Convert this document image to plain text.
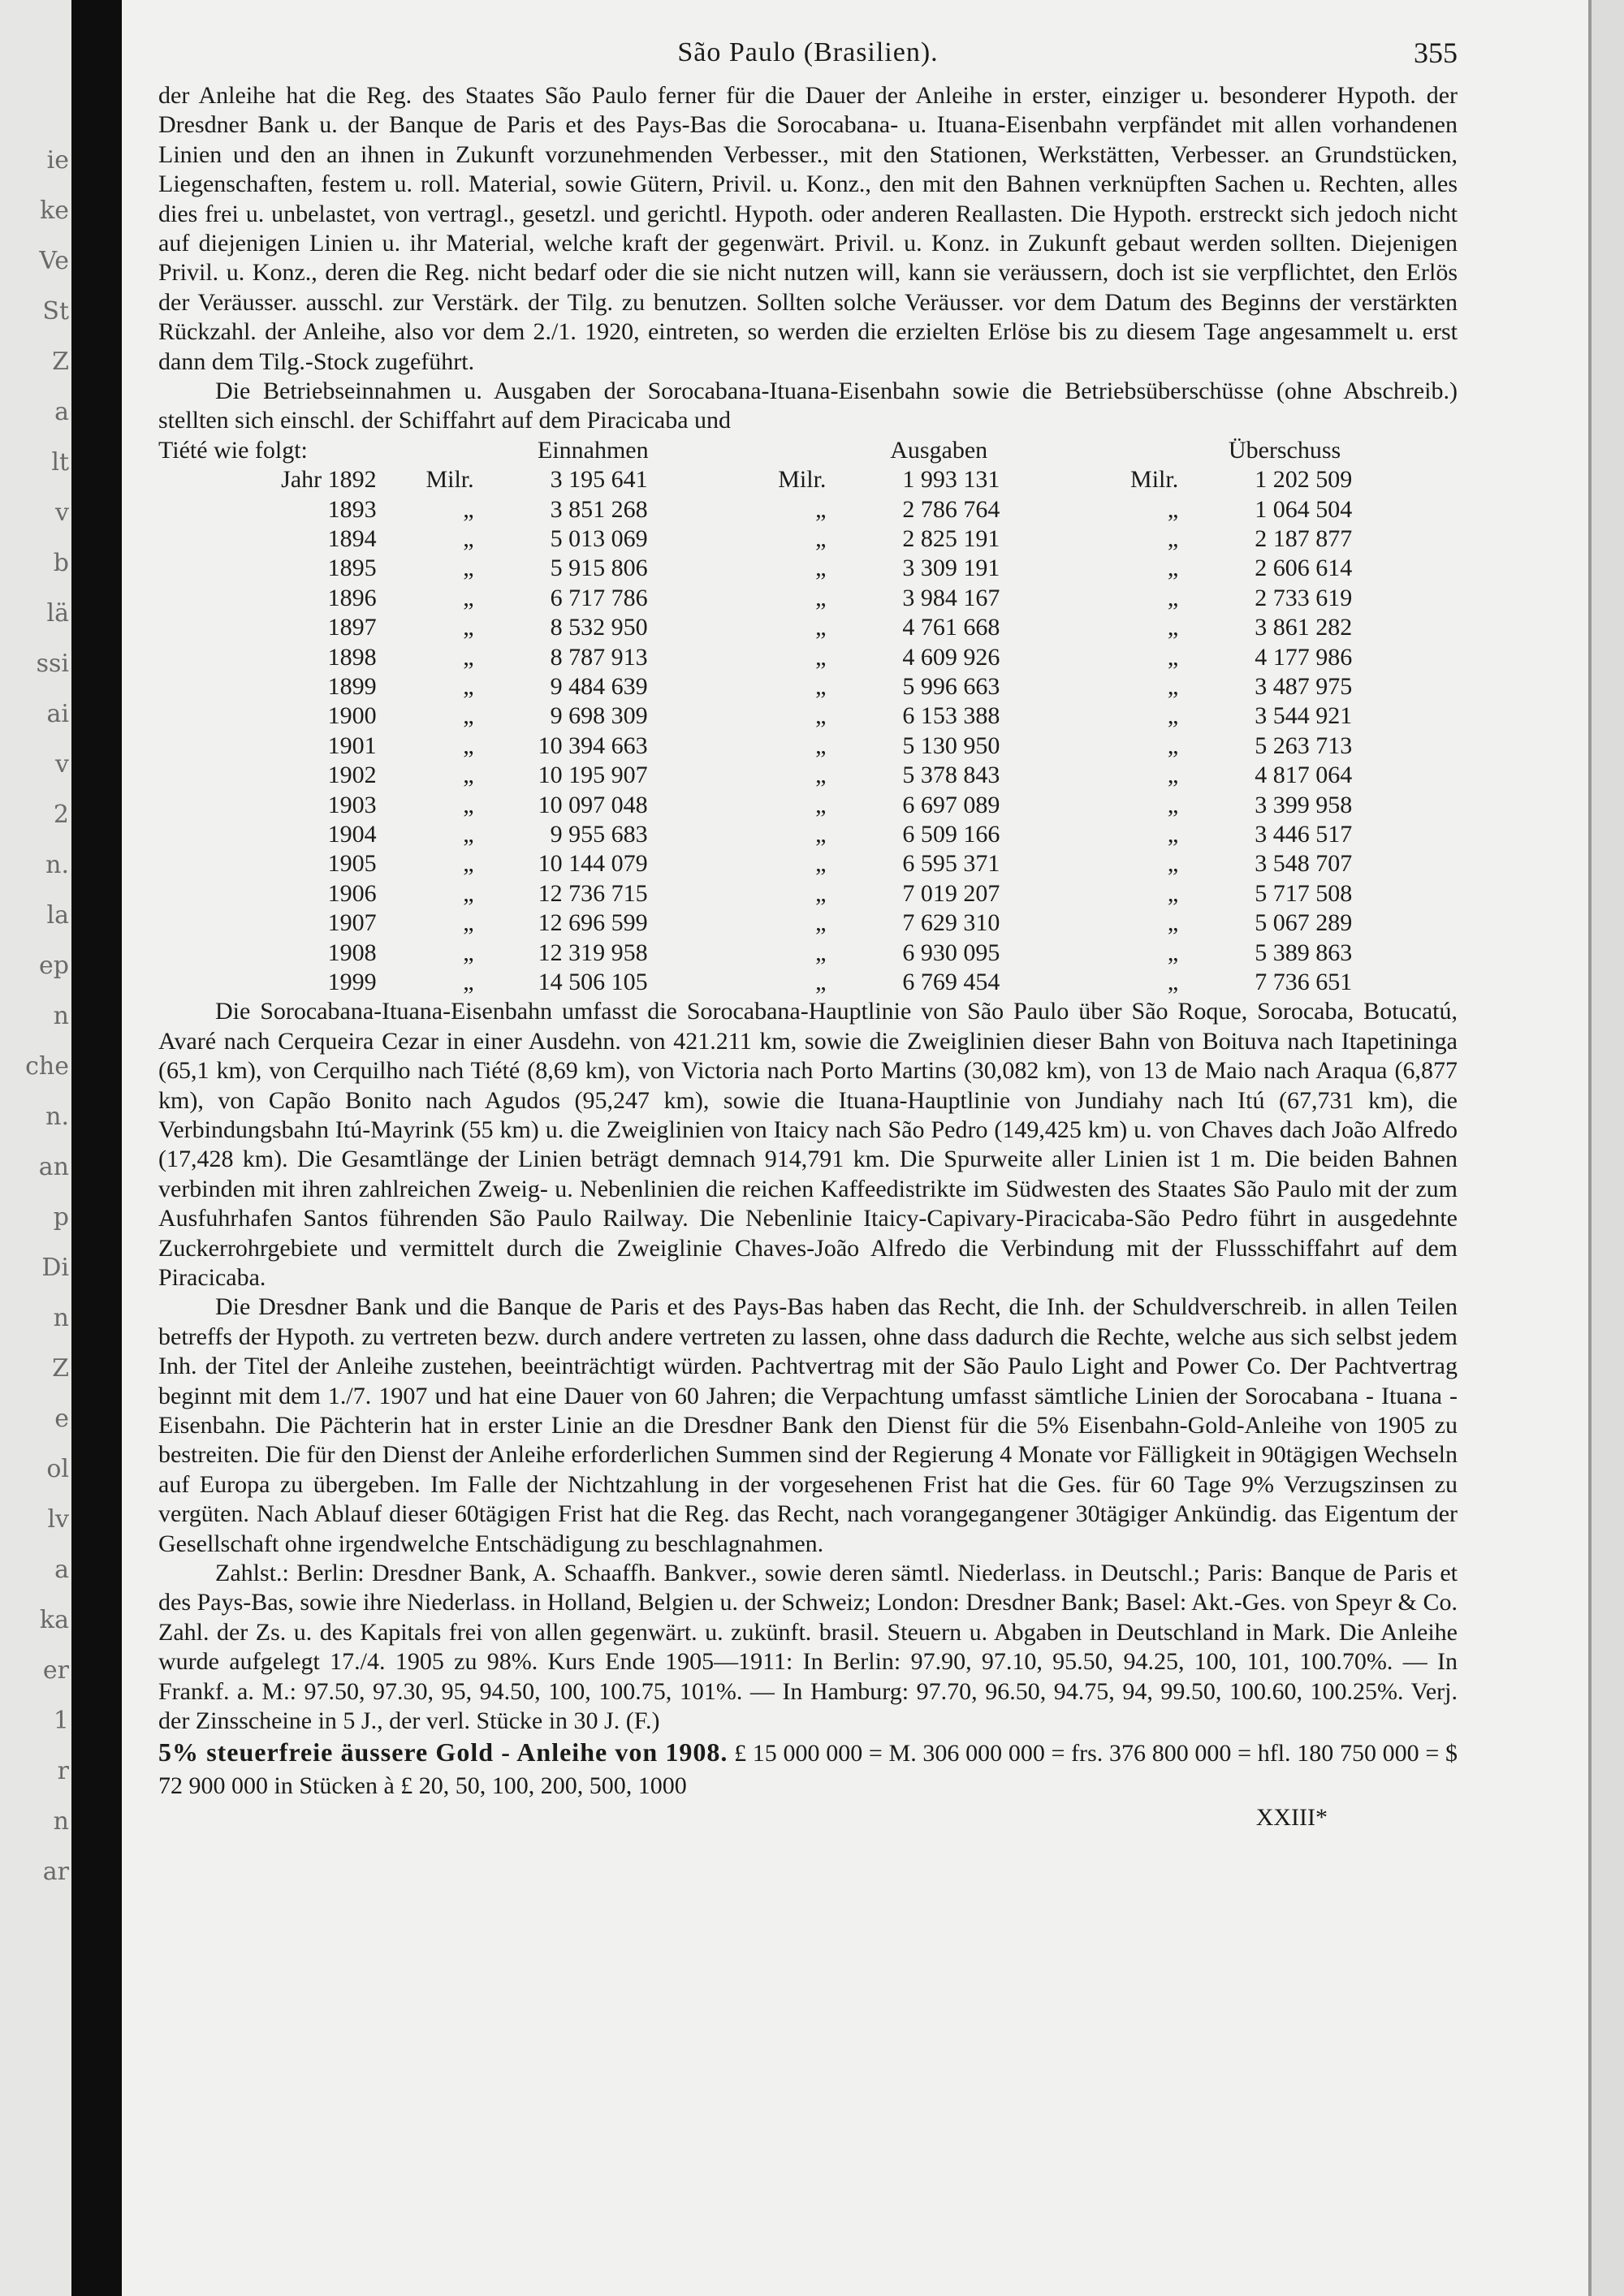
ie
ke
Ve
St
Z
a
lt
v
b
lä
ssi
ai
v
2
n.
la
ep
n
che
n.
an
p
Di
n
Z
e
ol
lv
a
ka
er
1
r
n
ar
São Paulo (Brasilien).	355

der Anleihe hat die Reg. des Staates São Paulo ferner für die Dauer der Anleihe in erster, einziger u. besonderer Hypoth. der Dresdner Bank u. der Banque de Paris et des Pays-Bas die Sorocabana- u. Ituana-Eisenbahn verpfändet mit allen vorhandenen Linien und den an ihnen in Zukunft vorzunehmenden Verbesser., mit den Stationen, Werkstätten, Verbesser. an Grundstücken, Liegenschaften, festem u. roll. Material, sowie Gütern, Privil. u. Konz., den mit den Bahnen verknüpften Sachen u. Rechten, alles dies frei u. unbelastet, von vertragl., gesetzl. und gerichtl. Hypoth. oder anderen Reallasten. Die Hypoth. erstreckt sich jedoch nicht auf diejenigen Linien u. ihr Material, welche kraft der gegenwärt. Privil. u. Konz. in Zukunft gebaut werden sollten. Diejenigen Privil. u. Konz., deren die Reg. nicht bedarf oder die sie nicht nutzen will, kann sie veräussern, doch ist sie verpflichtet, den Erlös der Veräusser. ausschl. zur Verstärk. der Tilg. zu benutzen. Sollten solche Veräusser. vor dem Datum des Beginns der verstärkten Rückzahl. der Anleihe, also vor dem 2./1. 1920, eintreten, so werden die erzielten Erlöse bis zu diesem Tage angesammelt u. erst dann dem Tilg.-Stock zugeführt.

Die Betriebseinnahmen u. Ausgaben der Sorocabana-Ituana-Eisenbahn sowie die Betriebsüberschüsse (ohne Abschreib.) stellten sich einschl. der Schiffahrt auf dem Piracicaba und

Tiété wie folgt:	Einnahmen	Ausgaben	Überschuss
Jahr 1892	Milr.	3 195 641	Milr.	1 993 131	Milr.	1 202 509
1893	„	3 851 268	„	2 786 764	„	1 064 504
1894	„	5 013 069	„	2 825 191	„	2 187 877
1895	„	5 915 806	„	3 309 191	„	2 606 614
1896	„	6 717 786	„	3 984 167	„	2 733 619
1897	„	8 532 950	„	4 761 668	„	3 861 282
1898	„	8 787 913	„	4 609 926	„	4 177 986
1899	„	9 484 639	„	5 996 663	„	3 487 975
1900	„	9 698 309	„	6 153 388	„	3 544 921
1901	„	10 394 663	„	5 130 950	„	5 263 713
1902	„	10 195 907	„	5 378 843	„	4 817 064
1903	„	10 097 048	„	6 697 089	„	3 399 958
1904	„	9 955 683	„	6 509 166	„	3 446 517
1905	„	10 144 079	„	6 595 371	„	3 548 707
1906	„	12 736 715	„	7 019 207	„	5 717 508
1907	„	12 696 599	„	7 629 310	„	5 067 289
1908	„	12 319 958	„	6 930 095	„	5 389 863
1999	„	14 506 105	„	6 769 454	„	7 736 651

Die Sorocabana-Ituana-Eisenbahn umfasst die Sorocabana-Hauptlinie von São Paulo über São Roque, Sorocaba, Botucatú, Avaré nach Cerqueira Cezar in einer Ausdehn. von 421.211 km, sowie die Zweiglinien dieser Bahn von Boituva nach Itapetininga (65,1 km), von Cerquilho nach Tiété (8,69 km), von Victoria nach Porto Martins (30,082 km), von 13 de Maio nach Araqua (6,877 km), von Capão Bonito nach Agudos (95,247 km), sowie die Ituana-Hauptlinie von Jundiahy nach Itú (67,731 km), die Verbindungsbahn Itú-Mayrink (55 km) u. die Zweiglinien von Itaicy nach São Pedro (149,425 km) u. von Chaves dach João Alfredo (17,428 km). Die Gesamtlänge der Linien beträgt demnach 914,791 km. Die Spurweite aller Linien ist 1 m. Die beiden Bahnen verbinden mit ihren zahlreichen Zweig- u. Nebenlinien die reichen Kaffeedistrikte im Südwesten des Staates São Paulo mit der zum Ausfuhrhafen Santos führenden São Paulo Railway. Die Nebenlinie Itaicy-Capivary-Piracicaba-São Pedro führt in ausgedehnte Zuckerrohrgebiete und vermittelt durch die Zweiglinie Chaves-João Alfredo die Verbindung mit der Flussschiffahrt auf dem Piracicaba.

Die Dresdner Bank und die Banque de Paris et des Pays-Bas haben das Recht, die Inh. der Schuldverschreib. in allen Teilen betreffs der Hypoth. zu vertreten bezw. durch andere vertreten zu lassen, ohne dass dadurch die Rechte, welche aus sich selbst jedem Inh. der Titel der Anleihe zustehen, beeinträchtigt würden. Pachtvertrag mit der São Paulo Light and Power Co. Der Pachtvertrag beginnt mit dem 1./7. 1907 und hat eine Dauer von 60 Jahren; die Verpachtung umfasst sämtliche Linien der Sorocabana - Ituana - Eisenbahn. Die Pächterin hat in erster Linie an die Dresdner Bank den Dienst für die 5% Eisenbahn-Gold-Anleihe von 1905 zu bestreiten. Die für den Dienst der Anleihe erforderlichen Summen sind der Regierung 4 Monate vor Fälligkeit in 90tägigen Wechseln auf Europa zu übergeben. Im Falle der Nichtzahlung in der vorgesehenen Frist hat die Ges. für 60 Tage 9% Verzugszinsen zu vergüten. Nach Ablauf dieser 60tägigen Frist hat die Reg. das Recht, nach vorangegangener 30tägiger Ankündig. das Eigentum der Gesellschaft ohne irgendwelche Entschädigung zu beschlagnahmen.

Zahlst.: Berlin: Dresdner Bank, A. Schaaffh. Bankver., sowie deren sämtl. Niederlass. in Deutschl.; Paris: Banque de Paris et des Pays-Bas, sowie ihre Niederlass. in Holland, Belgien u. der Schweiz; London: Dresdner Bank; Basel: Akt.-Ges. von Speyr & Co. Zahl. der Zs. u. des Kapitals frei von allen gegenwärt. u. zukünft. brasil. Steuern u. Abgaben in Deutschland in Mark. Die Anleihe wurde aufgelegt 17./4. 1905 zu 98%. Kurs Ende 1905—1911: In Berlin: 97.90, 97.10, 95.50, 94.25, 100, 101, 100.70%. — In Frankf. a. M.: 97.50, 97.30, 95, 94.50, 100, 100.75, 101%. — In Hamburg: 97.70, 96.50, 94.75, 94, 99.50, 100.60, 100.25%. Verj. der Zinsscheine in 5 J., der verl. Stücke in 30 J. (F.)

5% steuerfreie äussere Gold - Anleihe von 1908. £ 15 000 000 = M. 306 000 000 = frs. 376 800 000 = hfl. 180 750 000 = $ 72 900 000 in Stücken à £ 20, 50, 100, 200, 500, 1000

XXIII*
